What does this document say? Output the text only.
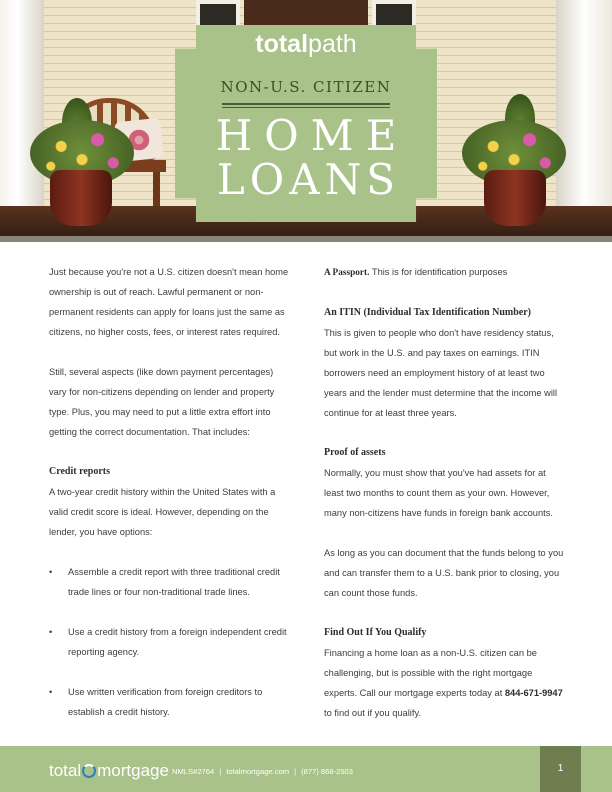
totalpath
NON-U.S. CITIZEN
HOME
LOANS

Just because you're not a U.S. citizen doesn't mean home ownership is out of reach. Lawful permanent or non-permanent residents can apply for loans just the same as citizens, no higher costs, fees, or interest rates required.

Still, several aspects (like down payment percentages) vary for non-citizens depending on lender and property type. Plus, you may need to put a little extra effort into getting the correct documentation. That includes:

Credit reports

A two-year credit history within the United States with a valid credit score is ideal. However, depending on the lender, you have options:

• Assemble a credit report with three traditional credit trade lines or four non-traditional trade lines.
• Use a credit history from a foreign independent credit reporting agency.
• Use written verification from foreign creditors to establish a credit history.

A Passport. This is for identification purposes

An ITIN (Individual Tax Identification Number)

This is given to people who don't have residency status, but work in the U.S. and pay taxes on earnings. ITIN borrowers need an employment history of at least two years and the lender must determine that the income will continue for at least three years.

Proof of assets

Normally, you must show that you've had assets for at least two months to count them as your own. However, many non-citizens have funds in foreign bank accounts.

As long as you can document that the funds belong to you and can transfer them to a U.S. bank prior to closing, you can count those funds.

Find Out If You Qualify

Financing a home loan as a non-U.S. citizen can be challenging, but is possible with the right mortgage experts. Call our mortgage experts today at 844-671-9947 to find out if you qualify.

total mortgage NMLS#2764 | totalmortgage.com | (877) 868-2503	1
